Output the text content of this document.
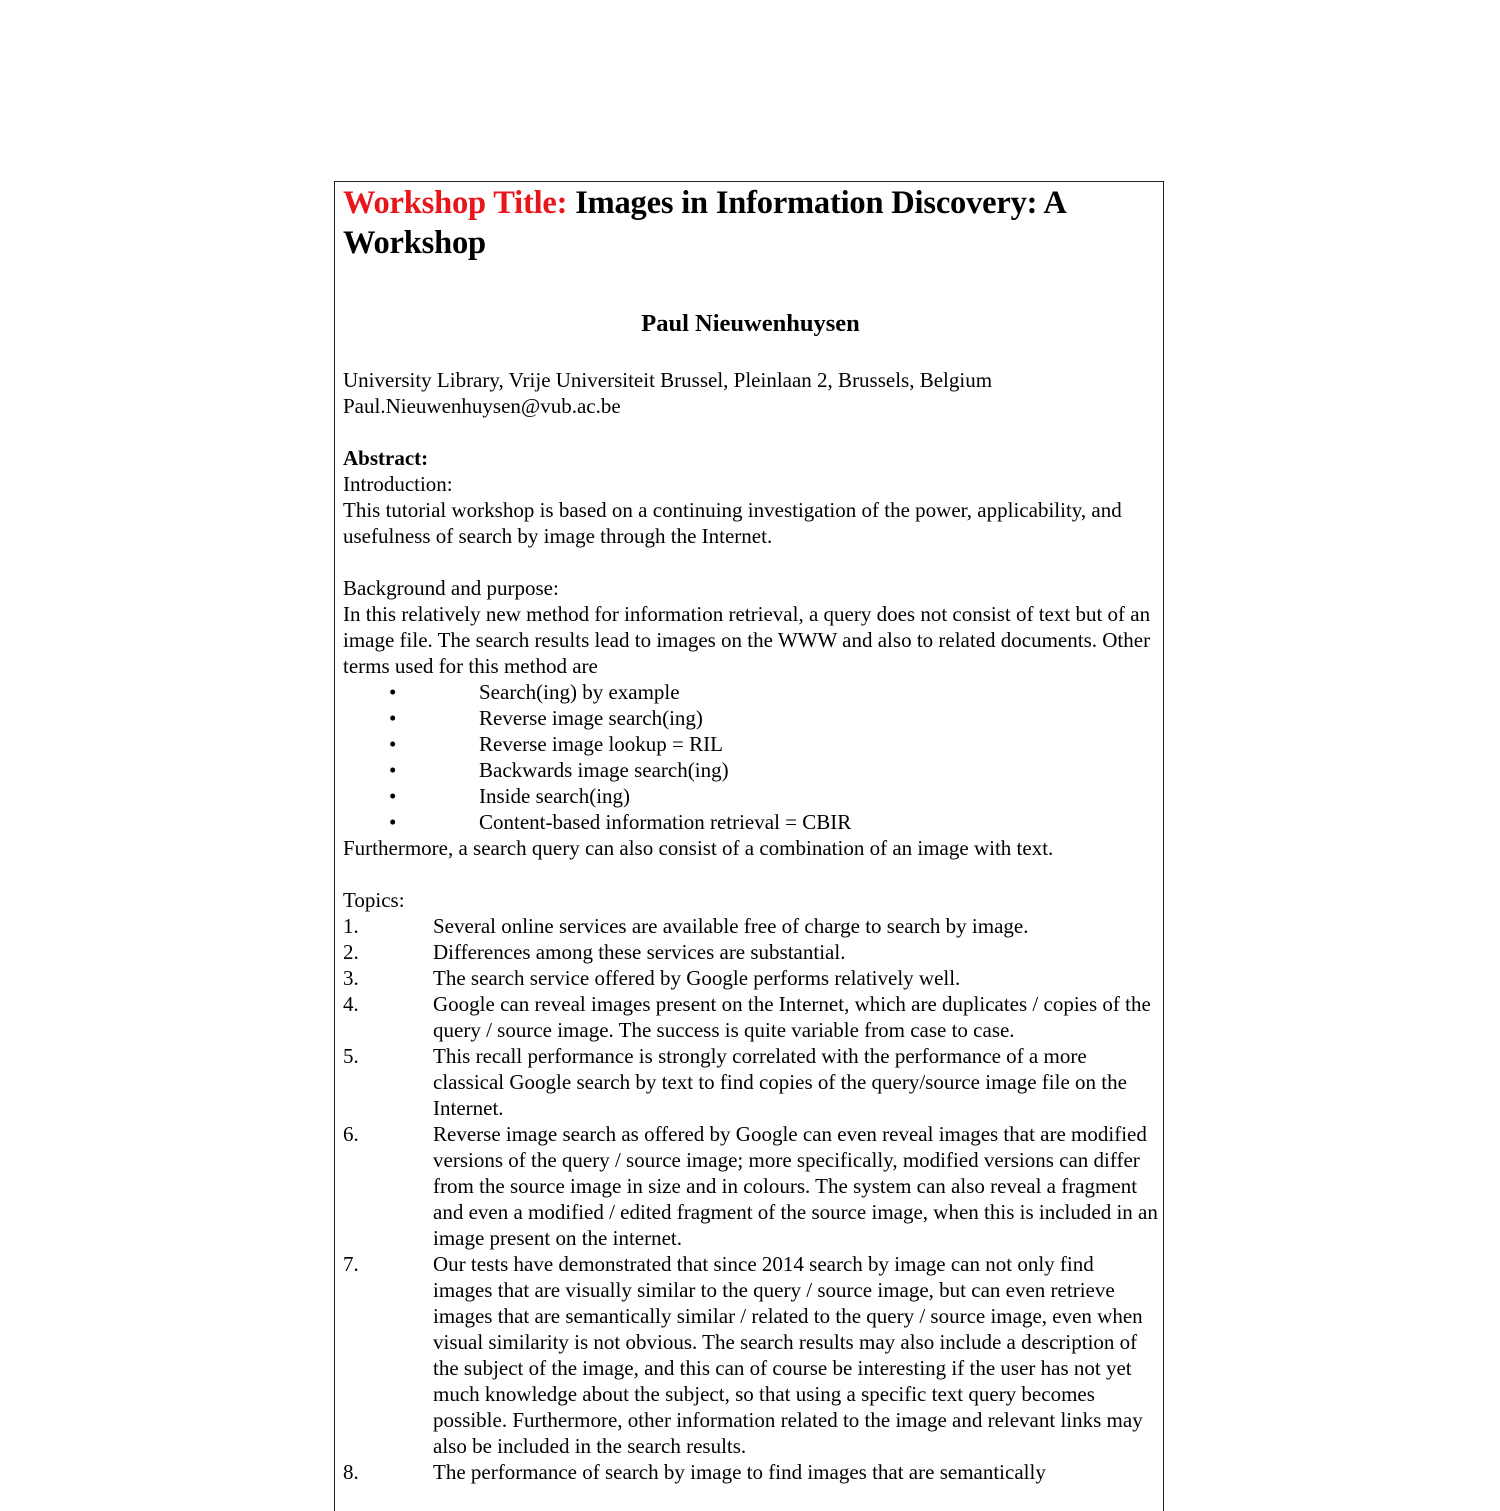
Workshop Title: Images in Information Discovery: A Workshop
Paul Nieuwenhuysen

University Library, Vrije Universiteit Brussel, Pleinlaan 2, Brussels, Belgium

Paul.Nieuwenhuysen@vub.ac.be

Abstract:

Introduction:

This tutorial workshop is based on a continuing investigation of the power, applicability, and usefulness of search by image through the Internet.

Background and purpose:

In this relatively new method for information retrieval, a query does not consist of text but of an image file. The search results lead to images on the WWW and also to related documents. Other terms used for this method are

•	Search(ing) by example
•	Reverse image search(ing)
•	Reverse image lookup = RIL
•	Backwards image search(ing)
•	Inside search(ing)
•	Content-based information retrieval = CBIR

Furthermore, a search query can also consist of a combination of an image with text.

Topics:

1.	Several online services are available free of charge to search by image.
2.	Differences among these services are substantial.
3.	The search service offered by Google performs relatively well.
4.	Google can reveal images present on the Internet, which are duplicates / copies of the query / source image. The success is quite variable from case to case.
5.	This recall performance is strongly correlated with the performance of a more classical Google search by text to find copies of the query/source image file on the Internet.
6.	Reverse image search as offered by Google can even reveal images that are modified versions of the query / source image; more specifically, modified versions can differ from the source image in size and in colours. The system can also reveal a fragment and even a modified / edited fragment of the source image, when this is included in an image present on the internet.
7.	Our tests have demonstrated that since 2014 search by image can not only find images that are visually similar to the query / source image, but can even retrieve images that are semantically similar / related to the query / source image, even when visual similarity is not obvious. The search results may also include a description of the subject of the image, and this can of course be interesting if the user has not yet much knowledge about the subject, so that using a specific text query becomes possible. Furthermore, other information related to the image and relevant links may also be included in the search results.
8.	The performance of search by image to find images that are semantically
